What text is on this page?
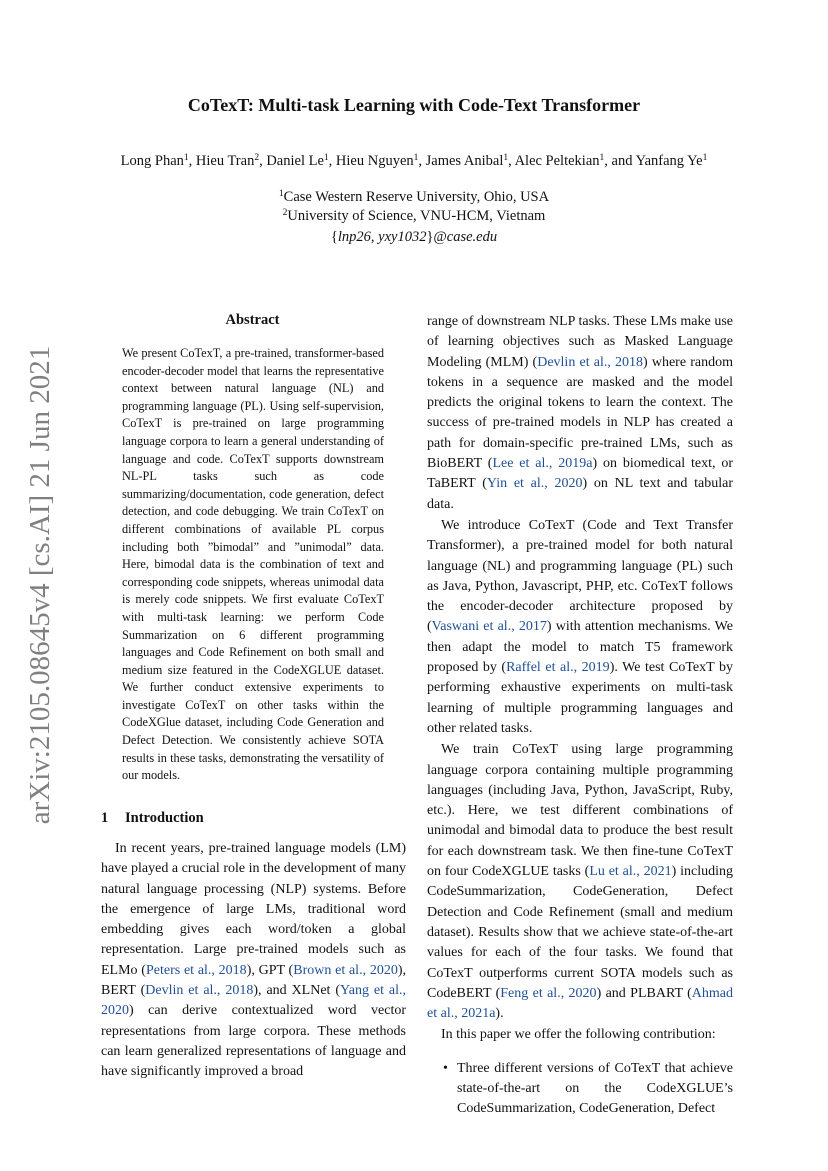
arXiv:2105.08645v4 [cs.AI] 21 Jun 2021
CoTexT: Multi-task Learning with Code-Text Transformer
Long Phan$^1$, Hieu Tran$^2$, Daniel Le$^1$, Hieu Nguyen$^1$, James Anibal$^1$, Alec Peltekian$^1$, and Yanfang Ye$^1$
$^1$Case Western Reserve University, Ohio, USA
$^2$University of Science, VNU-HCM, Vietnam
{lnp26, yxy1032}@case.edu
Abstract
We present CoTexT, a pre-trained, transformer-based encoder-decoder model that learns the representative context between natural language (NL) and programming language (PL). Using self-supervision, CoTexT is pre-trained on large programming language corpora to learn a general understanding of language and code. CoTexT supports downstream NL-PL tasks such as code summarizing/documentation, code generation, defect detection, and code debugging. We train CoTexT on different combinations of available PL corpus including both ”bimodal” and ”unimodal” data. Here, bimodal data is the combination of text and corresponding code snippets, whereas unimodal data is merely code snippets. We first evaluate CoTexT with multi-task learning: we perform Code Summarization on 6 different programming languages and Code Refinement on both small and medium size featured in the CodeXGLUE dataset. We further conduct extensive experiments to investigate CoTexT on other tasks within the CodeXGlue dataset, including Code Generation and Defect Detection. We consistently achieve SOTA results in these tasks, demonstrating the versatility of our models.
1 Introduction

In recent years, pre-trained language models (LM) have played a crucial role in the development of many natural language processing (NLP) systems. Before the emergence of large LMs, traditional word embedding gives each word/token a global representation. Large pre-trained models such as ELMo (Peters et al., 2018), GPT (Brown et al., 2020), BERT (Devlin et al., 2018), and XLNet (Yang et al., 2020) can derive contextualized word vector representations from large corpora. These methods can learn generalized representations of language and have significantly improved a broad

range of downstream NLP tasks. These LMs make use of learning objectives such as Masked Language Modeling (MLM) (Devlin et al., 2018) where random tokens in a sequence are masked and the model predicts the original tokens to learn the context. The success of pre-trained models in NLP has created a path for domain-specific pre-trained LMs, such as BioBERT (Lee et al., 2019a) on biomedical text, or TaBERT (Yin et al., 2020) on NL text and tabular data.

We introduce CoTexT (Code and Text Transfer Transformer), a pre-trained model for both natural language (NL) and programming language (PL) such as Java, Python, Javascript, PHP, etc. CoTexT follows the encoder-decoder architecture proposed by (Vaswani et al., 2017) with attention mechanisms. We then adapt the model to match T5 framework proposed by (Raffel et al., 2019). We test CoTexT by performing exhaustive experiments on multi-task learning of multiple programming languages and other related tasks.

We train CoTexT using large programming language corpora containing multiple programming languages (including Java, Python, JavaScript, Ruby, etc.). Here, we test different combinations of unimodal and bimodal data to produce the best result for each downstream task. We then fine-tune CoTexT on four CodeXGLUE tasks (Lu et al., 2021) including CodeSummarization, CodeGeneration, Defect Detection and Code Refinement (small and medium dataset). Results show that we achieve state-of-the-art values for each of the four tasks. We found that CoTexT outperforms current SOTA models such as CodeBERT (Feng et al., 2020) and PLBART (Ahmad et al., 2021a).

In this paper we offer the following contribution:

• Three different versions of CoTexT that achieve state-of-the-art on the CodeXGLUE’s CodeSummarization, CodeGeneration, Defect
